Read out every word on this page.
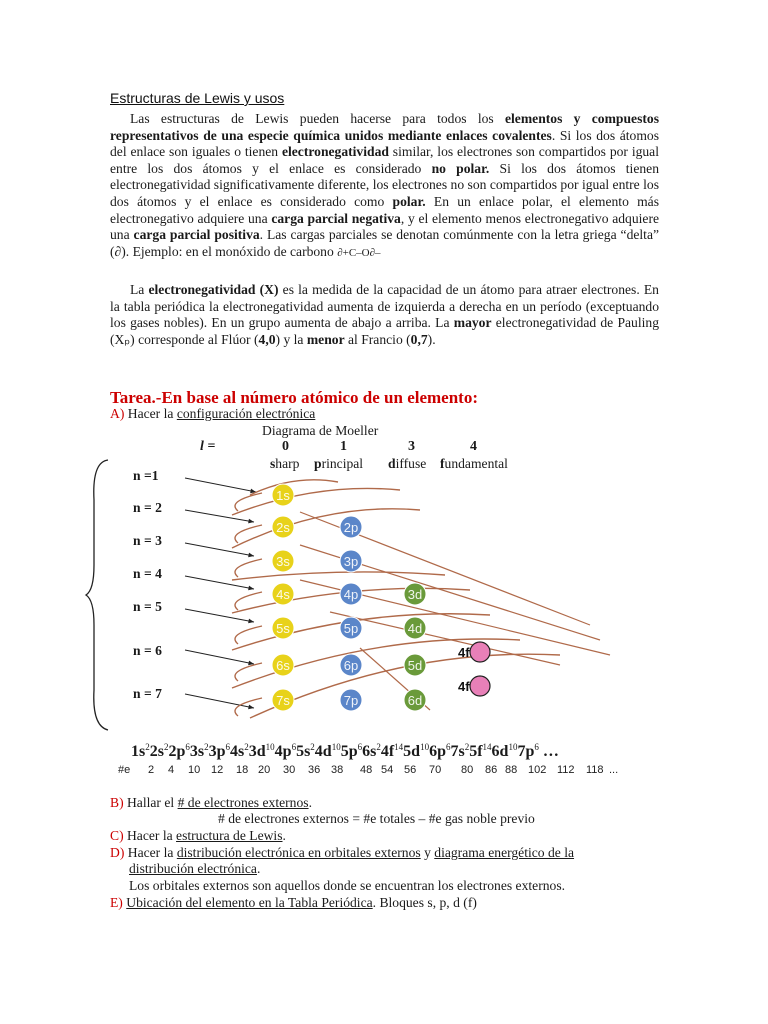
Estructuras de Lewis y usos
Las estructuras de Lewis pueden hacerse para todos los elementos y compuestos representativos de una especie química unidos mediante enlaces covalentes. Si los dos átomos del enlace son iguales o tienen electronegatividad similar, los electrones son compartidos por igual entre los dos átomos y el enlace es considerado no polar. Si los dos átomos tienen electronegatividad significativamente diferente, los electrones no son compartidos por igual entre los dos átomos y el enlace es considerado como polar. En un enlace polar, el elemento más electronegativo adquiere una carga parcial negativa, y el elemento menos electronegativo adquiere una carga parcial positiva. Las cargas parciales se denotan comúnmente con la letra griega “delta” (∂). Ejemplo: en el monóxido de carbono ∂+C–O∂–
La electronegatividad (X) es la medida de la capacidad de un átomo para atraer electrones. En la tabla periódica la electronegatividad aumenta de izquierda a derecha en un período (exceptuando los gases nobles). En un grupo aumenta de abajo a arriba. La mayor electronegatividad de Pauling (Xₚ) corresponde al Flúor (4,0) y la menor al Francio (0,7).
Tarea.-En base al número atómico de un elemento:
A) Hacer la configuración electrónica
Diagrama de Moeller
l =	0
sharp
1
principal
3
diffuse
4
fundamental
n =1
n = 2
n = 3
n = 4
n = 5
n = 6
n = 7
1s
2s
3s
4s
5s
6s
7s
2p
3p
4p
5p
6p
7p
3d
4d
5d
6d
4f
4f
$1s^22s^22p^63s^23p^64s^23d^{10}4p^65s^24d^{10}5p^66s^24f^{14}5d^{10}6p^67s^25f^{14}6d^{10}7p^6$ …
#e 2 4 10 12 18 20 30 36 38 48 54 56 70 80 86 88 102 112 118 ...
B) Hallar el # de electrones externos.
# de electrones externos = #e totales – #e gas noble previo
C) Hacer la estructura de Lewis.
D) Hacer la distribución electrónica en orbitales externos y diagrama energético de la
distribución electrónica.
Los orbitales externos son aquellos donde se encuentran los electrones externos.
E) Ubicación del elemento en la Tabla Periódica. Bloques s, p, d (f)
